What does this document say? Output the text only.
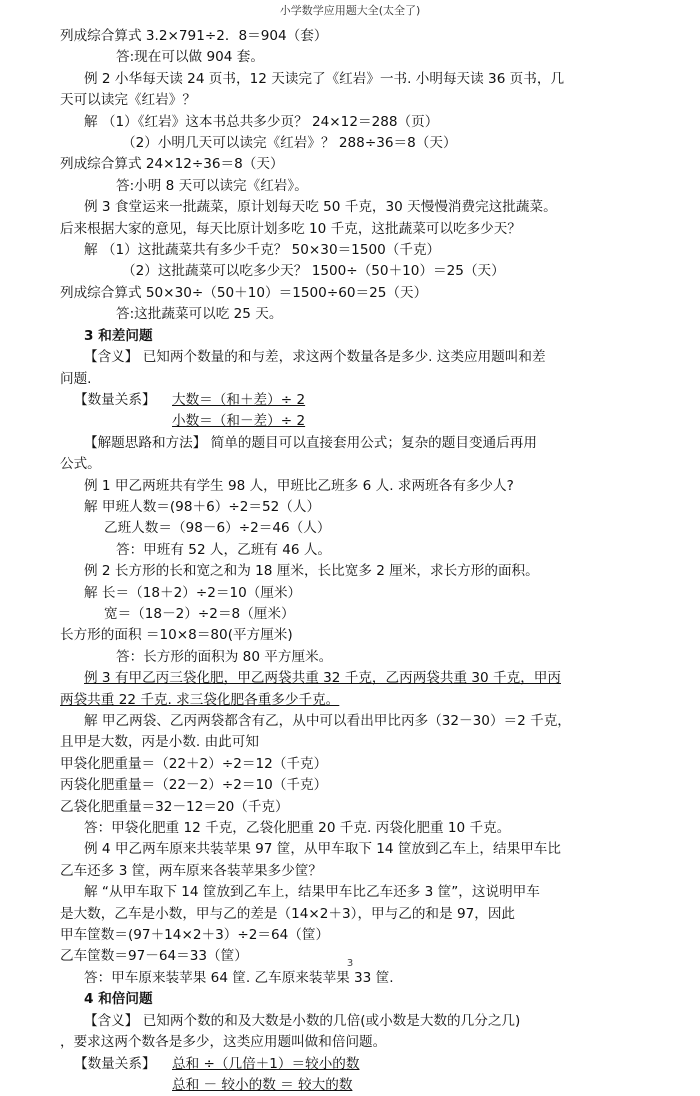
小学数学应用题大全(太全了)
列成综合算式 3.2×791÷2．8＝904（套）
答:现在可以做 904 套。
例 2 小华每天读 24 页书，12 天读完了《红岩》一书. 小明每天读 36 页书，几
天可以读完《红岩》？
解 （1）《红岩》这本书总共多少页？ 24×12＝288（页）
（2）小明几天可以读完《红岩》？ 288÷36＝8（天）
列成综合算式 24×12÷36＝8（天）
答:小明 8 天可以读完《红岩》。
例 3 食堂运来一批蔬菜，原计划每天吃 50 千克，30 天慢慢消费完这批蔬菜。
后来根据大家的意见，每天比原计划多吃 10 千克，这批蔬菜可以吃多少天？
解 （1）这批蔬菜共有多少千克？ 50×30＝1500（千克）
（2）这批蔬菜可以吃多少天？ 1500÷（50＋10）＝25（天）
列成综合算式 50×30÷（50＋10）＝1500÷60＝25（天）
答:这批蔬菜可以吃 25 天。
3 和差问题
【含义】 已知两个数量的和与差，求这两个数量各是多少. 这类应用题叫和差
问题.
【数量关系】 大数＝（和＋差）÷ 2
小数＝（和－差）÷ 2
【解题思路和方法】 简单的题目可以直接套用公式；复杂的题目变通后再用
公式。
例 1 甲乙两班共有学生 98 人，甲班比乙班多 6 人. 求两班各有多少人?
解 甲班人数＝(98＋6）÷2＝52（人）
乙班人数＝（98－6）÷2＝46（人）
答：甲班有 52 人，乙班有 46 人。
例 2 长方形的长和宽之和为 18 厘米，长比宽多 2 厘米，求长方形的面积。
解 长＝（18＋2）÷2＝10（厘米）
宽＝（18－2）÷2＝8（厘米）
长方形的面积 ＝10×8＝80(平方厘米)
答：长方形的面积为 80 平方厘米。
例 3 有甲乙丙三袋化肥，甲乙两袋共重 32 千克，乙丙两袋共重 30 千克，甲丙
两袋共重 22 千克. 求三袋化肥各重多少千克。
解 甲乙两袋、乙丙两袋都含有乙，从中可以看出甲比丙多（32－30）＝2 千克，
且甲是大数，丙是小数. 由此可知
甲袋化肥重量＝（22＋2）÷2＝12（千克）
丙袋化肥重量＝（22－2）÷2＝10（千克）
乙袋化肥重量＝32－12＝20（千克）
答：甲袋化肥重 12 千克，乙袋化肥重 20 千克. 丙袋化肥重 10 千克。
例 4 甲乙两车原来共装苹果 97 筐，从甲车取下 14 筐放到乙车上，结果甲车比
乙车还多 3 筐，两车原来各装苹果多少筐？
解 “从甲车取下 14 筐放到乙车上，结果甲车比乙车还多 3 筐”，这说明甲车
是大数，乙车是小数，甲与乙的差是（14×2＋3），甲与乙的和是 97，因此
甲车筐数＝(97＋14×2＋3）÷2＝64（筐）
乙车筐数＝97－64＝33（筐）
答：甲车原来装苹果 64 筐. 乙车原来装苹果 33 筐.
4 和倍问题
【含义】 已知两个数的和及大数是小数的几倍(或小数是大数的几分之几)
，要求这两个数各是多少，这类应用题叫做和倍问题。
【数量关系】 总和 ÷（几倍＋1）＝较小的数
总和 － 较小的数 ＝ 较大的数
3
